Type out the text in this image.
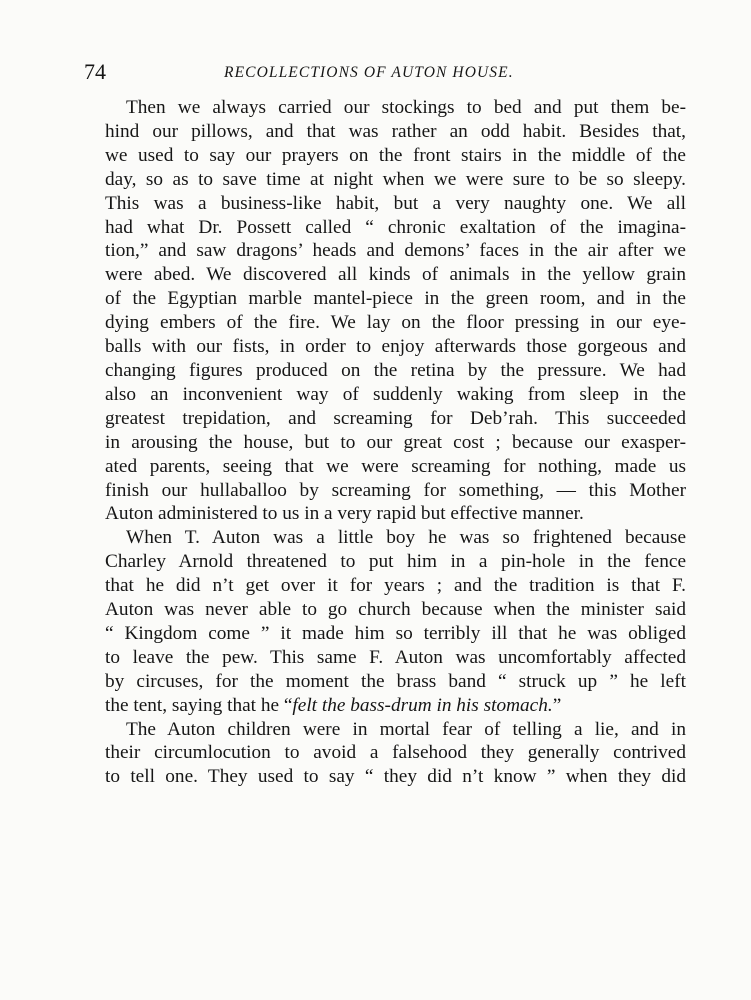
74	RECOLLECTIONS OF AUTON HOUSE.

Then we always carried our stockings to bed and put them be-
hind our pillows, and that was rather an odd habit. Besides that,
we used to say our prayers on the front stairs in the middle of the
day, so as to save time at night when we were sure to be so sleepy.
This was a business-like habit, but a very naughty one. We all
had what Dr. Possett called “ chronic exaltation of the imagina-
tion,” and saw dragons’ heads and demons’ faces in the air after we
were abed. We discovered all kinds of animals in the yellow grain
of the Egyptian marble mantel-piece in the green room, and in the
dying embers of the fire. We lay on the floor pressing in our eye-
balls with our fists, in order to enjoy afterwards those gorgeous and
changing figures produced on the retina by the pressure. We had
also an inconvenient way of suddenly waking from sleep in the
greatest trepidation, and screaming for Deb’rah. This succeeded
in arousing the house, but to our great cost ; because our exasper-
ated parents, seeing that we were screaming for nothing, made us
finish our hullaballoo by screaming for something, — this Mother
Auton administered to us in a very rapid but effective manner.

When T. Auton was a little boy he was so frightened because
Charley Arnold threatened to put him in a pin-hole in the fence
that he did n’t get over it for years ; and the tradition is that F.
Auton was never able to go church because when the minister said
“ Kingdom come ” it made him so terribly ill that he was obliged
to leave the pew. This same F. Auton was uncomfortably affected
by circuses, for the moment the brass band “ struck up ” he left
the tent, saying that he “felt the bass-drum in his stomach.”

The Auton children were in mortal fear of telling a lie, and in
their circumlocution to avoid a falsehood they generally contrived
to tell one. They used to say “ they did n’t know ” when they did
